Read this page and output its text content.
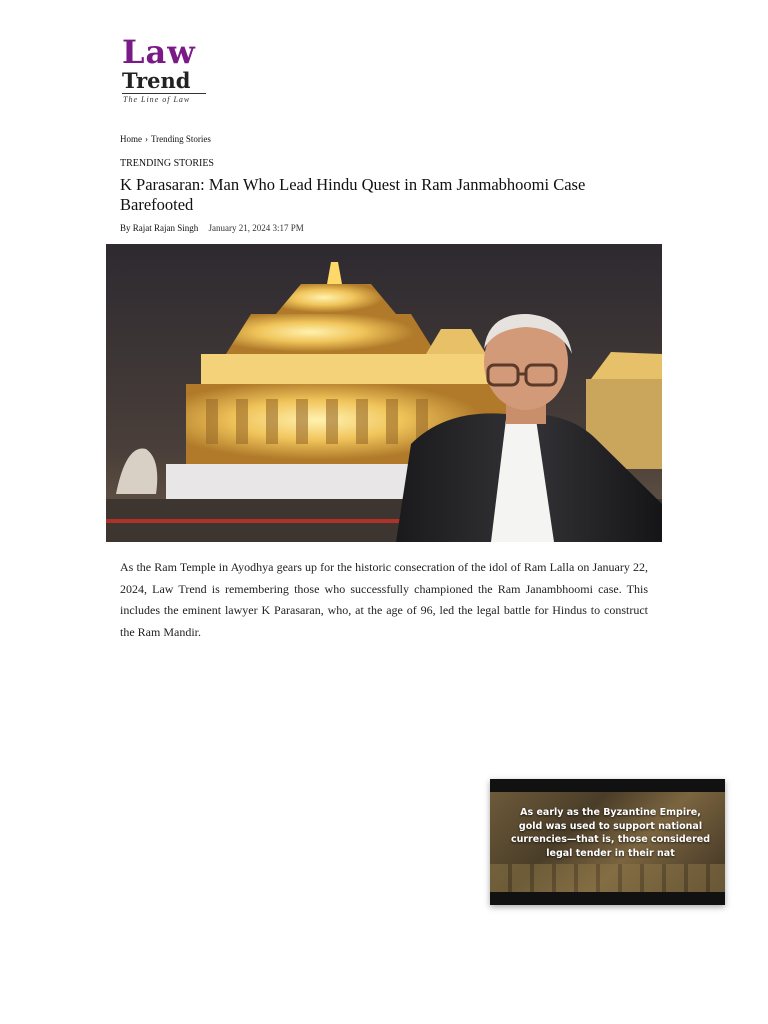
Law
Trend
The Line of Law
Home › Trending Stories
TRENDING STORIES
K Parasaran: Man Who Lead Hindu Quest in Ram Janmabhoomi Case Barefooted
By Rajat Rajan Singh January 21, 2024 3:17 PM

As the Ram Temple in Ayodhya gears up for the historic consecration of the idol of Ram Lalla on January 22, 2024, Law Trend is remembering those who successfully championed the Ram Janambhoomi case. This includes the eminent lawyer K Parasaran, who, at the age of 96, led the legal battle for Hindus to construct the Ram Mandir.

As early as the Byzantine Empire, gold was used to support national currencies—that is, those considered legal tender in their nat
